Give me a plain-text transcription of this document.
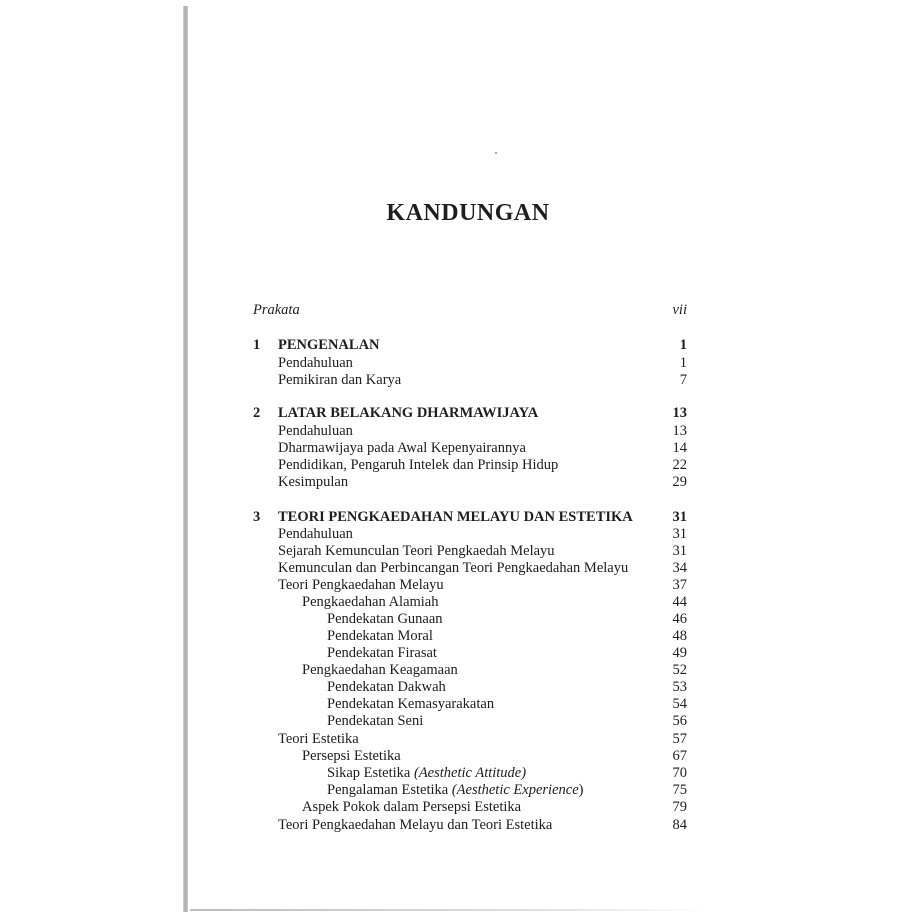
KANDUNGAN
Prakata	vii
1 PENGENALAN	1
Pendahuluan	1
Pemikiran dan Karya	7
2 LATAR BELAKANG DHARMAWIJAYA	13
Pendahuluan	13
Dharmawijaya pada Awal Kepenyairannya	14
Pendidikan, Pengaruh Intelek dan Prinsip Hidup	22
Kesimpulan	29
3 TEORI PENGKAEDAHAN MELAYU DAN ESTETIKA	31
Pendahuluan	31
Sejarah Kemunculan Teori Pengkaedah Melayu	31
Kemunculan dan Perbincangan Teori Pengkaedahan Melayu	34
Teori Pengkaedahan Melayu	37
Pengkaedahan Alamiah	44
Pendekatan Gunaan	46
Pendekatan Moral	48
Pendekatan Firasat	49
Pengkaedahan Keagamaan	52
Pendekatan Dakwah	53
Pendekatan Kemasyarakatan	54
Pendekatan Seni	56
Teori Estetika	57
Persepsi Estetika	67
Sikap Estetika (Aesthetic Attitude)	70
Pengalaman Estetika (Aesthetic Experience)	75
Aspek Pokok dalam Persepsi Estetika	79
Teori Pengkaedahan Melayu dan Teori Estetika	84
